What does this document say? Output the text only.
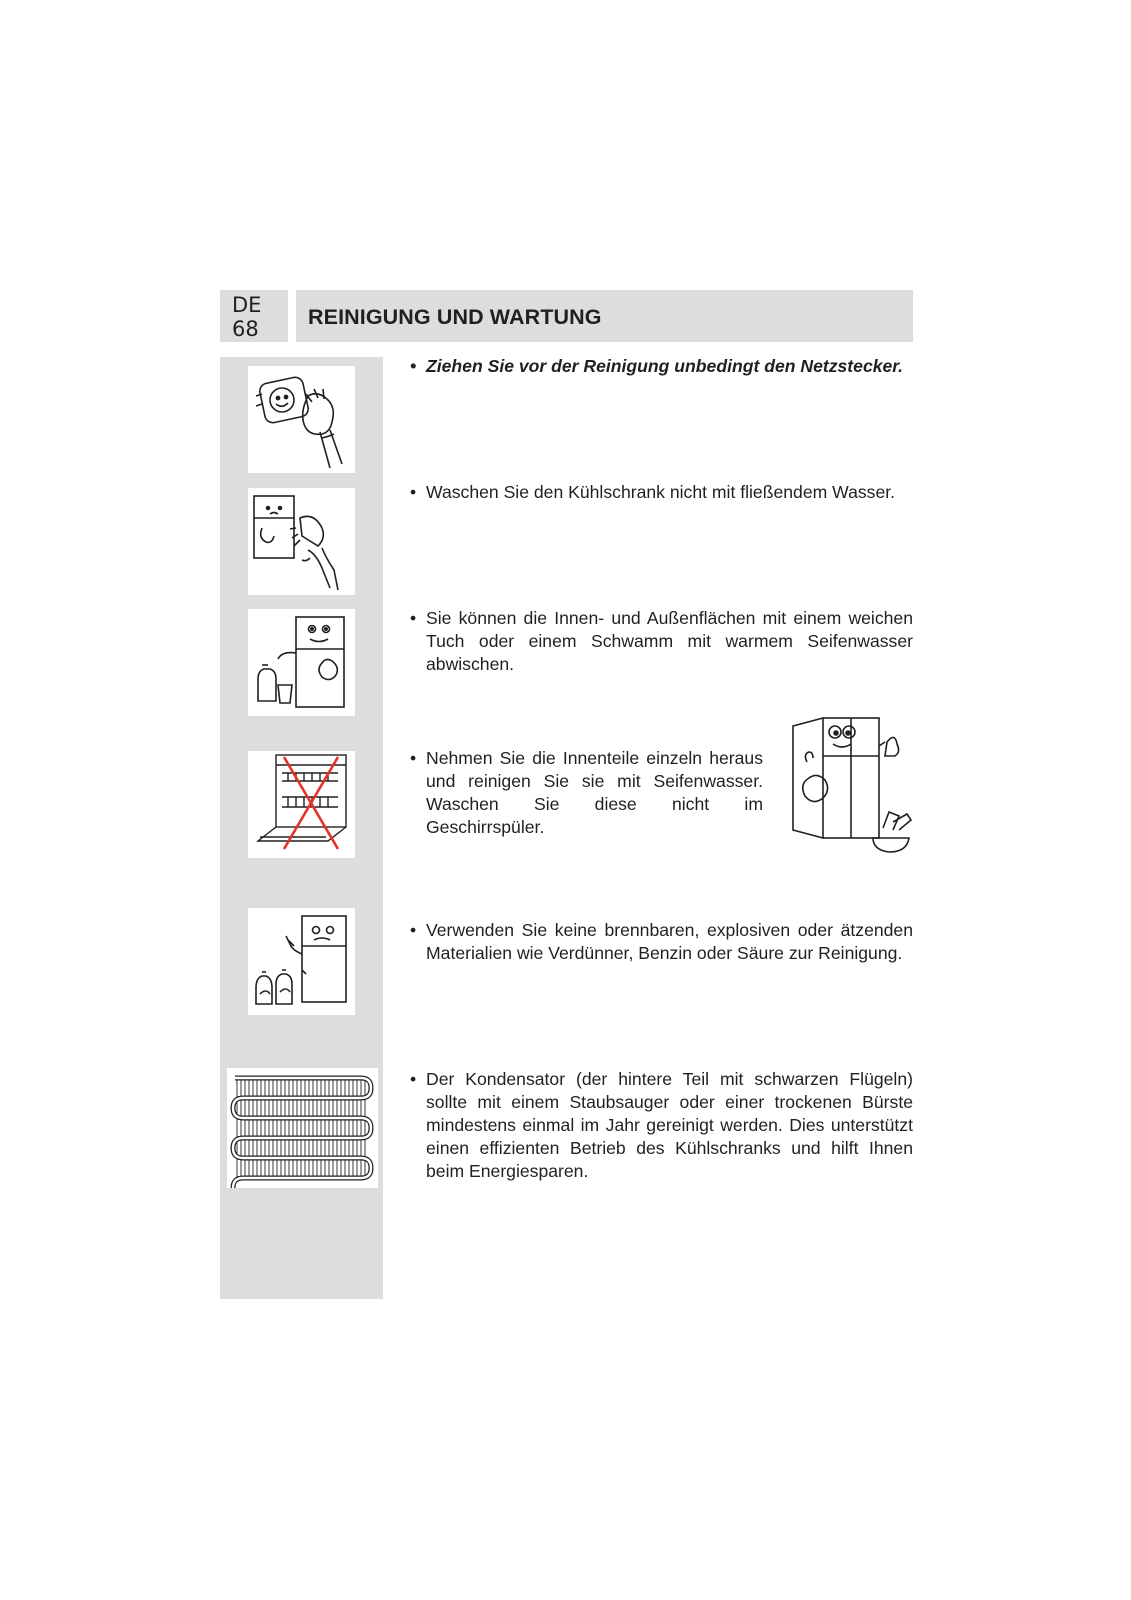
DE
68 REINIGUNG UND WARTUNG
• Ziehen Sie vor der Reinigung unbedingt den Netzstecker.
• Waschen Sie den Kühlschrank nicht mit fließendem Wasser.
• Sie können die Innen- und Außenflächen mit einem weichen Tuch oder einem Schwamm mit warmem Seifenwasser abwischen.
• Nehmen Sie die Innenteile einzeln heraus und reinigen Sie sie mit Seifenwasser. Waschen Sie diese nicht im Geschirrspüler.
• Verwenden Sie keine brennbaren, explosiven oder ätzenden Materialien wie Verdünner, Benzin oder Säure zur Reinigung.
• Der Kondensator (der hintere Teil mit schwarzen Flügeln) sollte mit einem Staubsauger oder einer trockenen Bürste mindestens einmal im Jahr gereinigt werden. Dies unterstützt einen effizienten Betrieb des Kühlschranks und hilft Ihnen beim Energiesparen.
